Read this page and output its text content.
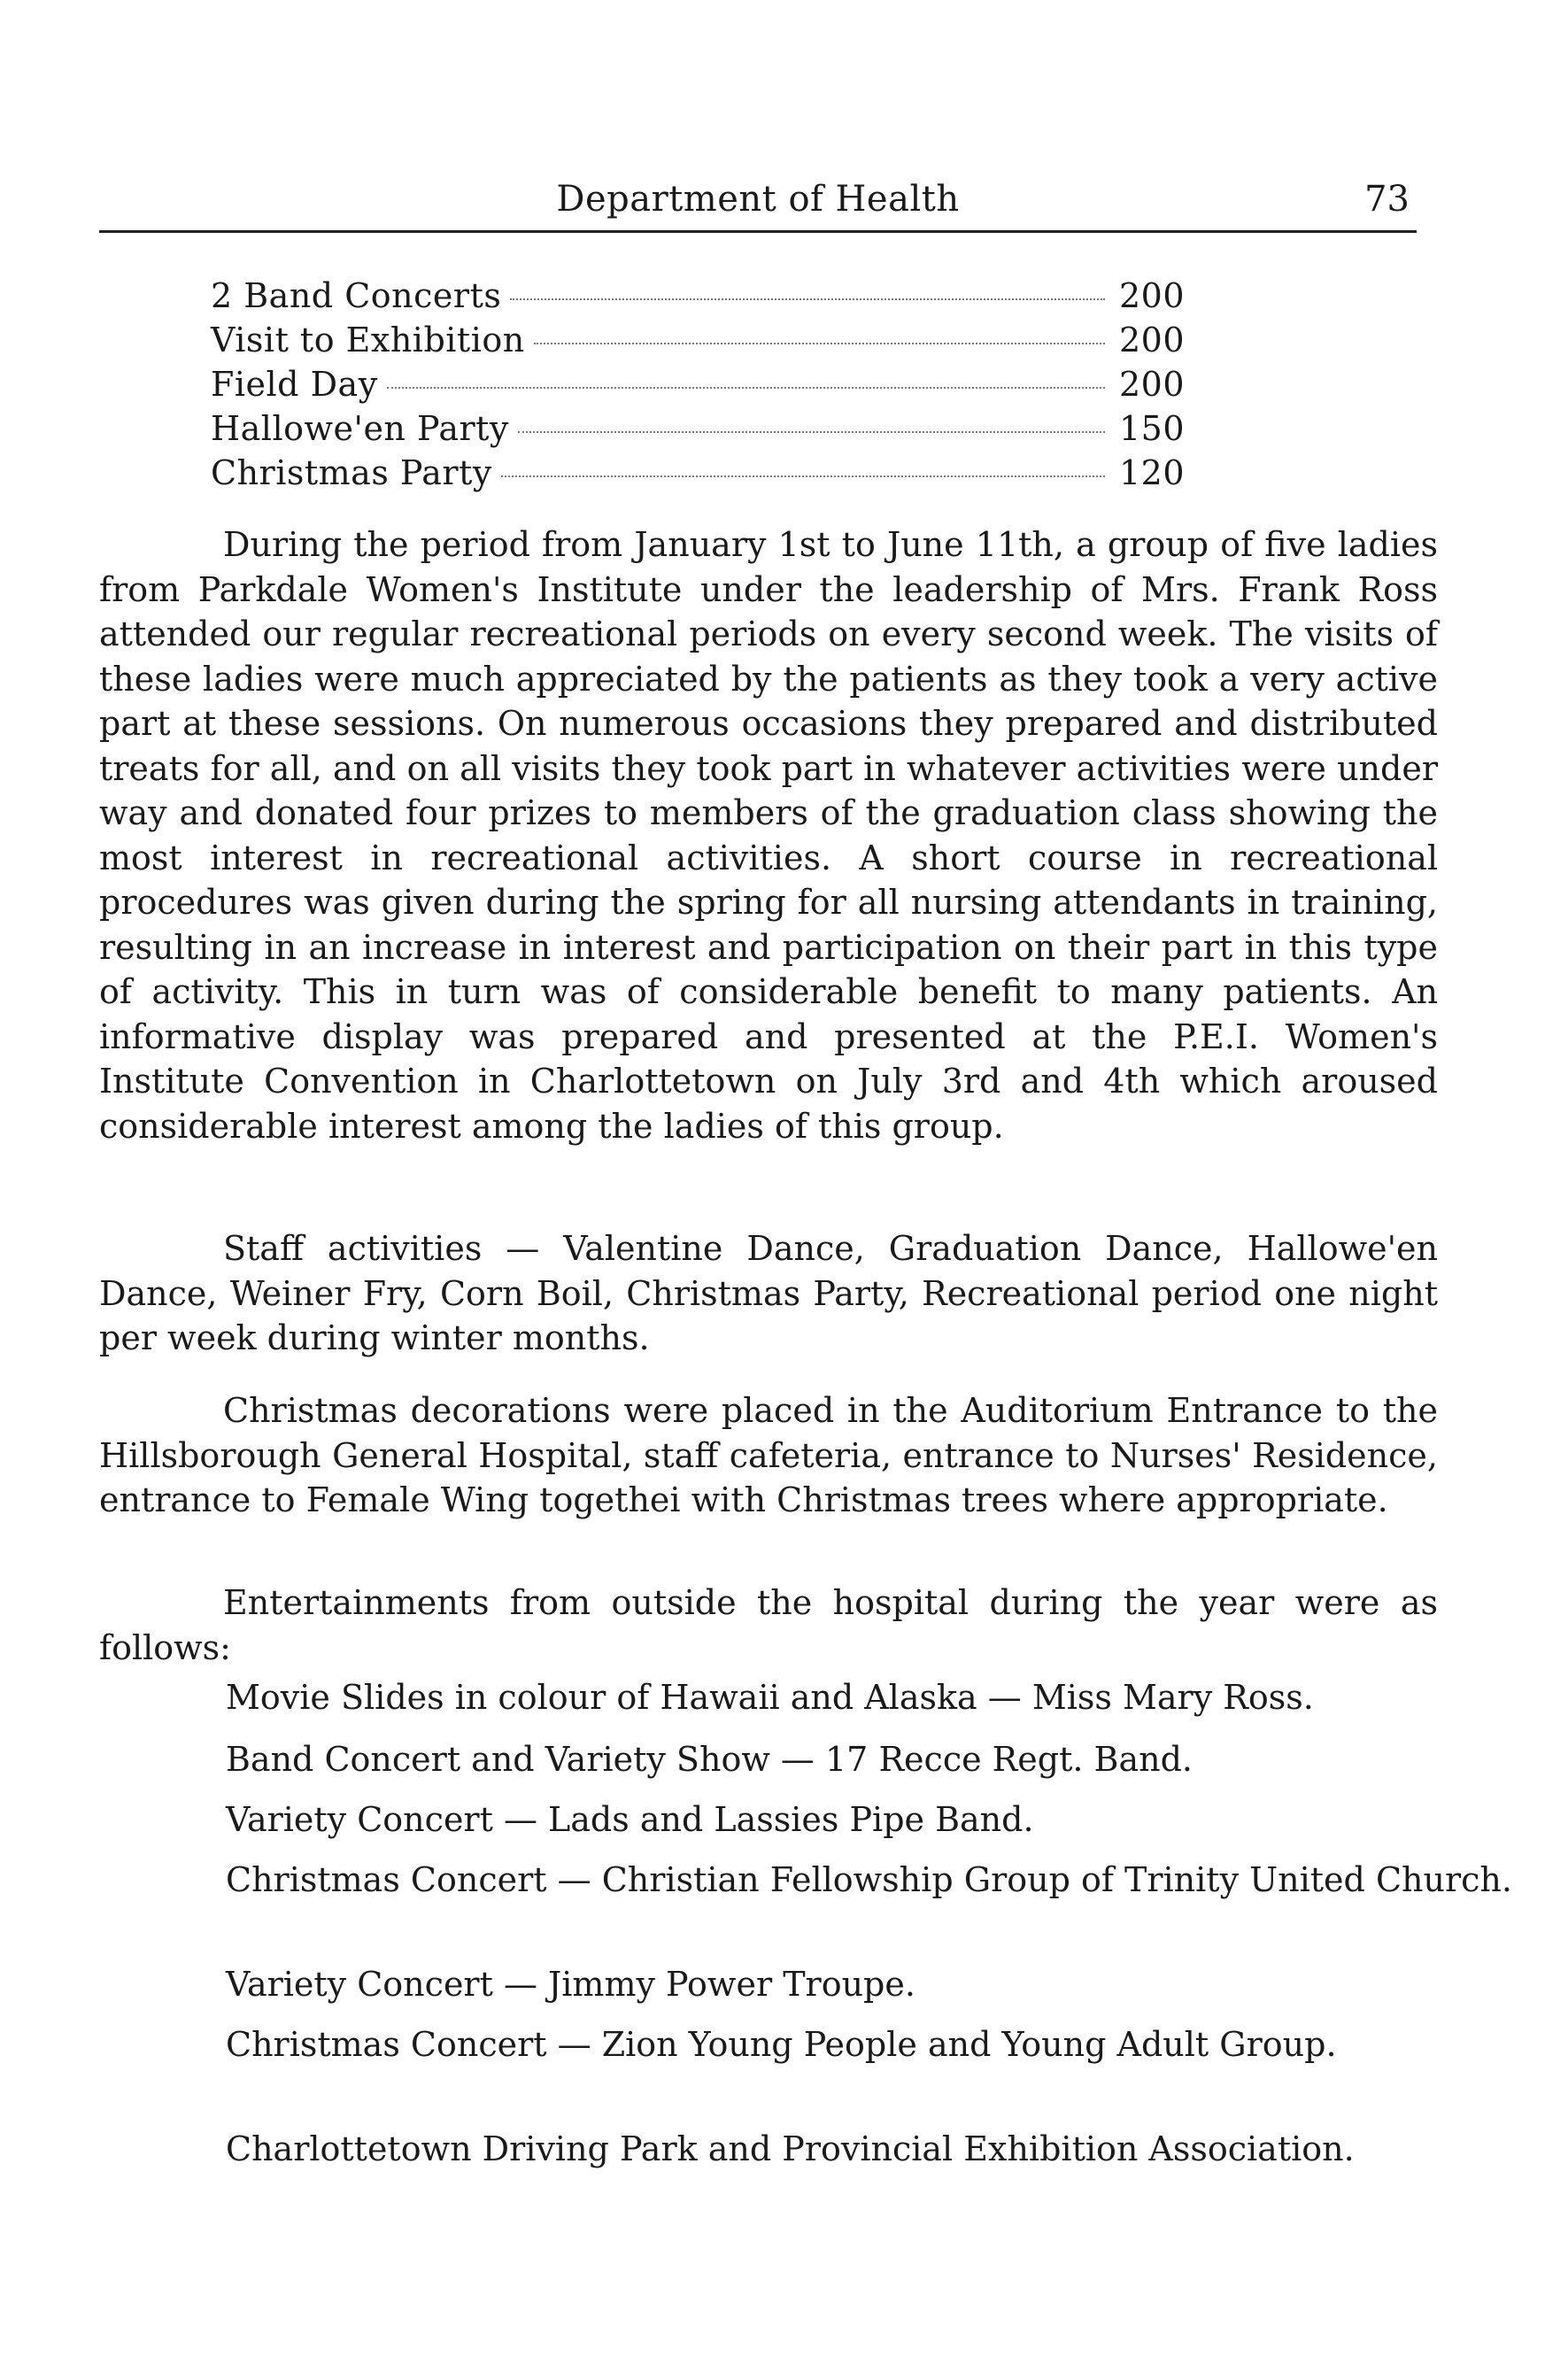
Department of Health	73
2 Band Concerts	200
Visit to Exhibition	200
Field Day	200
Hallowe'en Party	150
Christmas Party	120

During the period from January 1st to June 11th, a group of five ladies from Parkdale Women's Institute under the leadership of Mrs. Frank Ross attended our regular recreational periods on every second week. The visits of these ladies were much appreciated by the patients as they took a very active part at these sessions. On numerous occasions they prepared and distributed treats for all, and on all visits they took part in whatever activities were under way and donated four prizes to members of the graduation class showing the most interest in recreational activities. A short course in recreational procedures was given during the spring for all nursing attendants in training, resulting in an increase in interest and participation on their part in this type of activity. This in turn was of considerable benefit to many patients. An informative display was prepared and presented at the P.E.I. Women's Institute Convention in Charlottetown on July 3rd and 4th which aroused considerable interest among the ladies of this group.

Staff activities — Valentine Dance, Graduation Dance, Hallowe'en Dance, Weiner Fry, Corn Boil, Christmas Party, Recreational period one night per week during winter months.

Christmas decorations were placed in the Auditorium Entrance to the Hillsborough General Hospital, staff cafeteria, entrance to Nurses' Residence, entrance to Female Wing togethei with Christmas trees where appropriate.

Entertainments from outside the hospital during the year were as follows:

Movie Slides in colour of Hawaii and Alaska — Miss Mary Ross.

Band Concert and Variety Show — 17 Recce Regt. Band.

Variety Concert — Lads and Lassies Pipe Band.

Christmas Concert — Christian Fellowship Group of Trinity United Church.

Variety Concert — Jimmy Power Troupe.

Christmas Concert — Zion Young People and Young Adult Group.

Charlottetown Driving Park and Provincial Exhibition Association.
